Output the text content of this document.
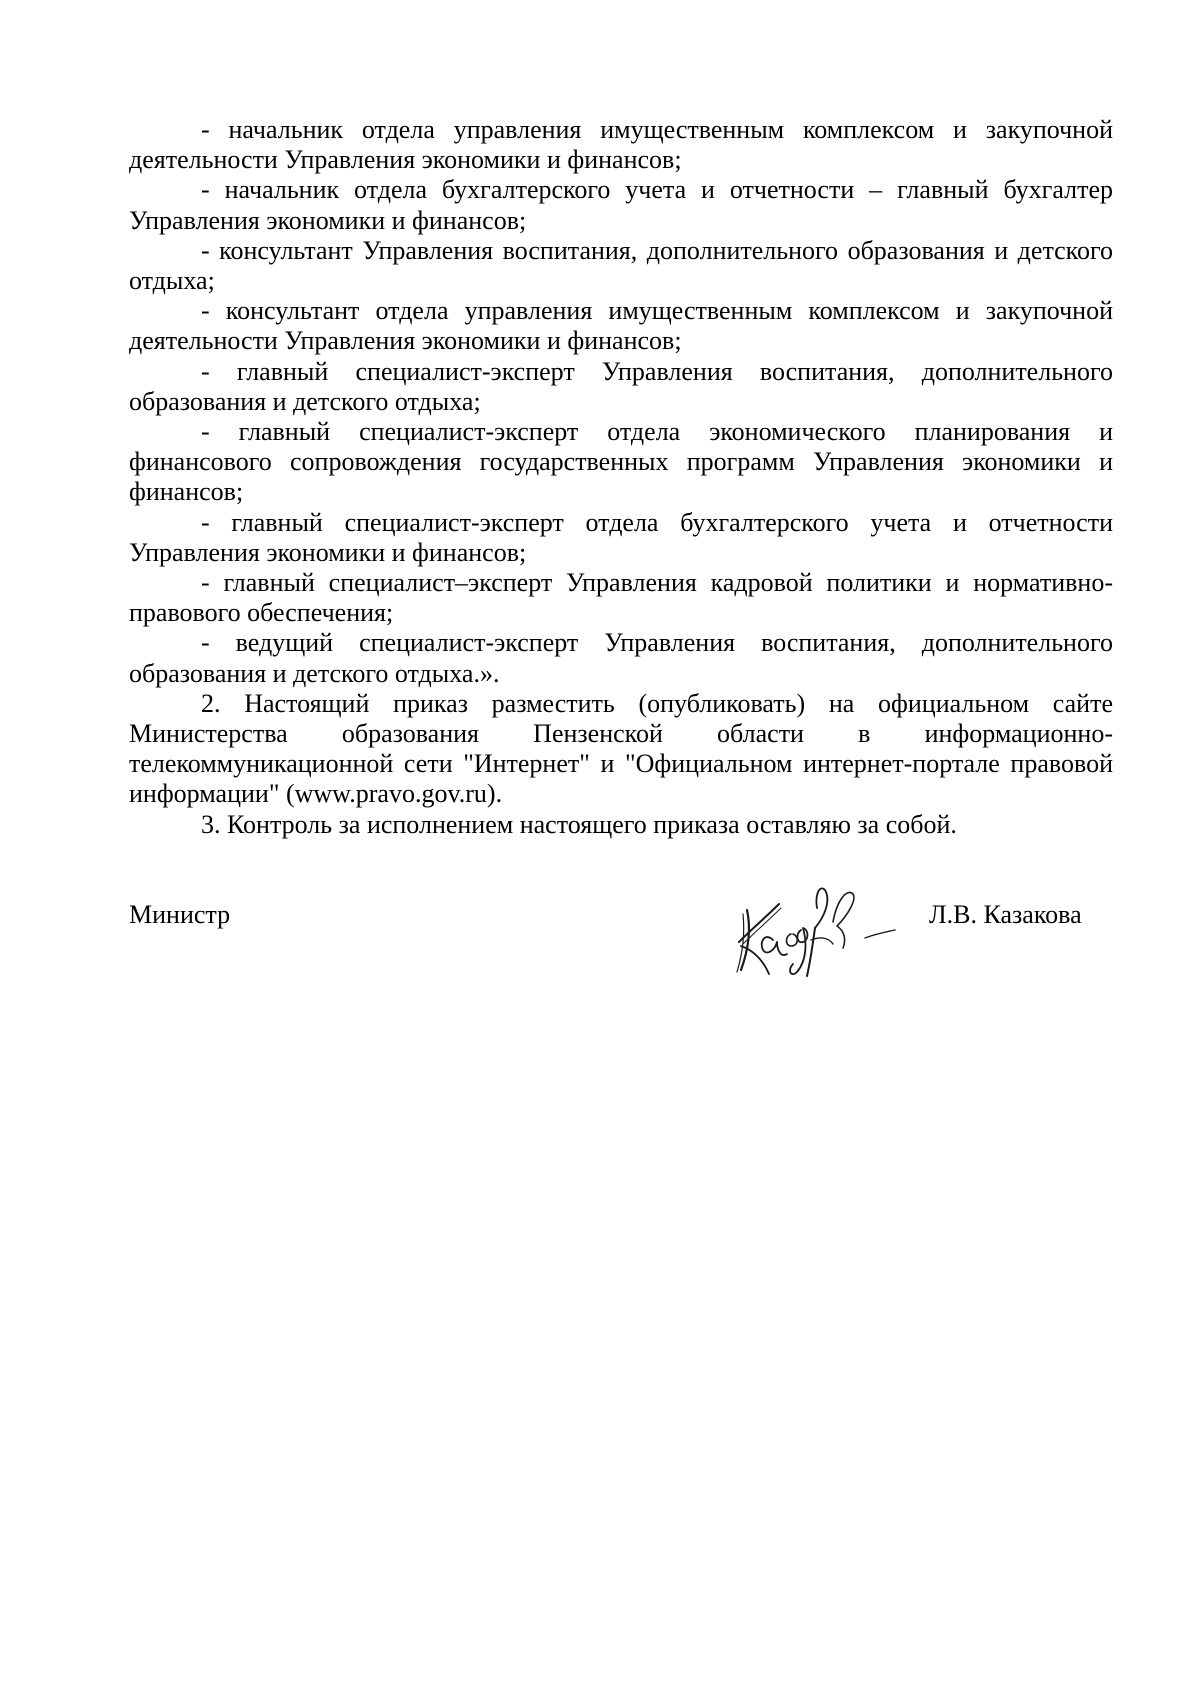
- начальник отдела управления имущественным комплексом и закупочной деятельности Управления экономики и финансов;

- начальник отдела бухгалтерского учета и отчетности – главный бухгалтер Управления экономики и финансов;

- консультант Управления воспитания, дополнительного образования и детского отдыха;

- консультант отдела управления имущественным комплексом и закупочной деятельности Управления экономики и финансов;

- главный специалист-эксперт Управления воспитания, дополнительного образования и детского отдыха;

- главный специалист-эксперт отдела экономического планирования и финансового сопровождения государственных программ Управления экономики и финансов;

- главный специалист-эксперт отдела бухгалтерского учета и отчетности Управления экономики и финансов;

- главный специалист–эксперт Управления кадровой политики и нормативно-правового обеспечения;

- ведущий специалист-эксперт Управления воспитания, дополнительного образования и детского отдыха.».

2. Настоящий приказ разместить (опубликовать) на официальном сайте Министерства образования Пензенской области в информационно-телекоммуникационной сети "Интернет" и "Официальном интернет-портале правовой информации" (www.pravo.gov.ru).

3. Контроль за исполнением настоящего приказа оставляю за собой.

Министр	Л.В. Казакова
